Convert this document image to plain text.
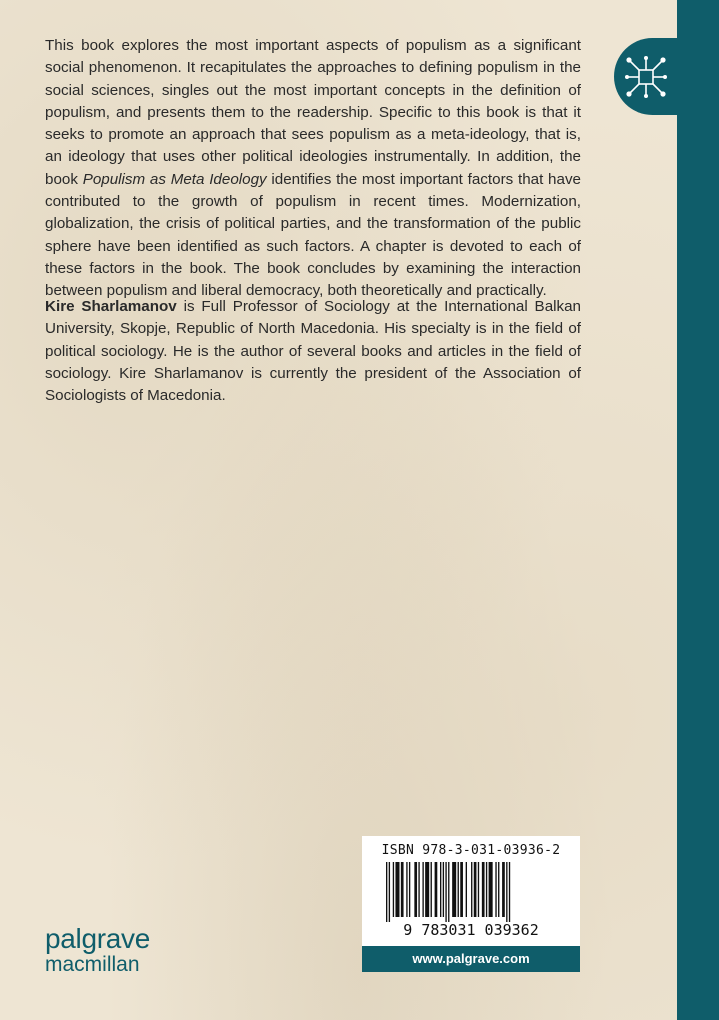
This book explores the most important aspects of populism as a significant social phenomenon. It recapitulates the approaches to defining populism in the social sciences, singles out the most important concepts in the definition of populism, and presents them to the readership. Specific to this book is that it seeks to promote an approach that sees populism as a meta-ideology, that is, an ideology that uses other political ideologies instrumentally. In addition, the book Populism as Meta Ideology identifies the most important factors that have contributed to the growth of populism in recent times. Modernization, globalization, the crisis of political parties, and the transformation of the public sphere have been identified as such factors. A chapter is devoted to each of these factors in the book. The book concludes by examining the interaction between populism and liberal democracy, both theoretically and practically.
Kire Sharlamanov is Full Professor of Sociology at the International Balkan University, Skopje, Republic of North Macedonia. His specialty is in the field of political sociology. He is the author of several books and articles in the field of sociology. Kire Sharlamanov is currently the president of the Association of Sociologists of Macedonia.
ISBN 978-3-031-03936-2
9 783031 039362
www.palgrave.com
palgrave
macmillan
